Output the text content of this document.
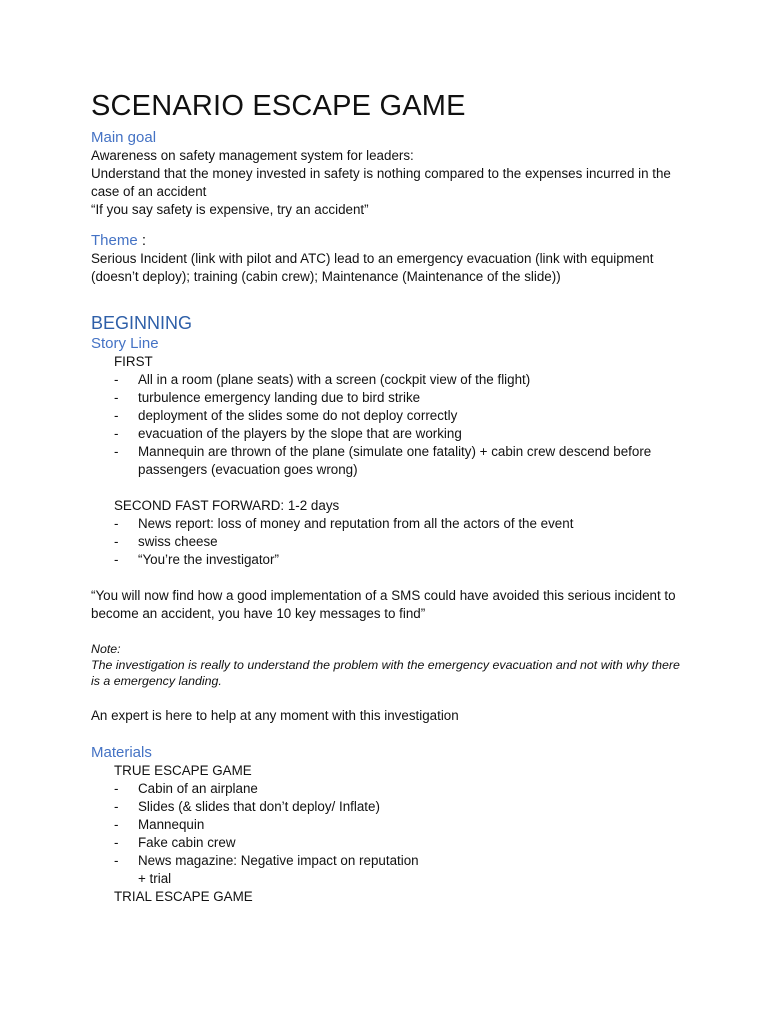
SCENARIO ESCAPE GAME
Main goal
Awareness on safety management system for leaders:
Understand that the money invested in safety is nothing compared to the expenses incurred in the case of an accident
“If you say safety is expensive, try an accident”
Theme :
Serious Incident (link with pilot and ATC) lead to an emergency evacuation (link with equipment (doesn’t deploy); training (cabin crew); Maintenance (Maintenance of the slide))
BEGINNING
Story Line
FIRST
- All in a room (plane seats) with a screen (cockpit view of the flight)
- turbulence emergency landing due to bird strike
- deployment of the slides some do not deploy correctly
- evacuation of the players by the slope that are working
- Mannequin are thrown of the plane (simulate one fatality) + cabin crew descend before passengers (evacuation goes wrong)
SECOND FAST FORWARD: 1-2 days
- News report: loss of money and reputation from all the actors of the event
- swiss cheese
- “You’re the investigator”
“You will now find how a good implementation of a SMS could have avoided this serious incident to become an accident, you have 10 key messages to find”
Note:
The investigation is really to understand the problem with the emergency evacuation and not with why there is a emergency landing.
An expert is here to help at any moment with this investigation
Materials
TRUE ESCAPE GAME
- Cabin of an airplane
- Slides (& slides that don’t deploy/ Inflate)
- Mannequin
- Fake cabin crew
- News magazine: Negative impact on reputation
+ trial
TRIAL ESCAPE GAME
